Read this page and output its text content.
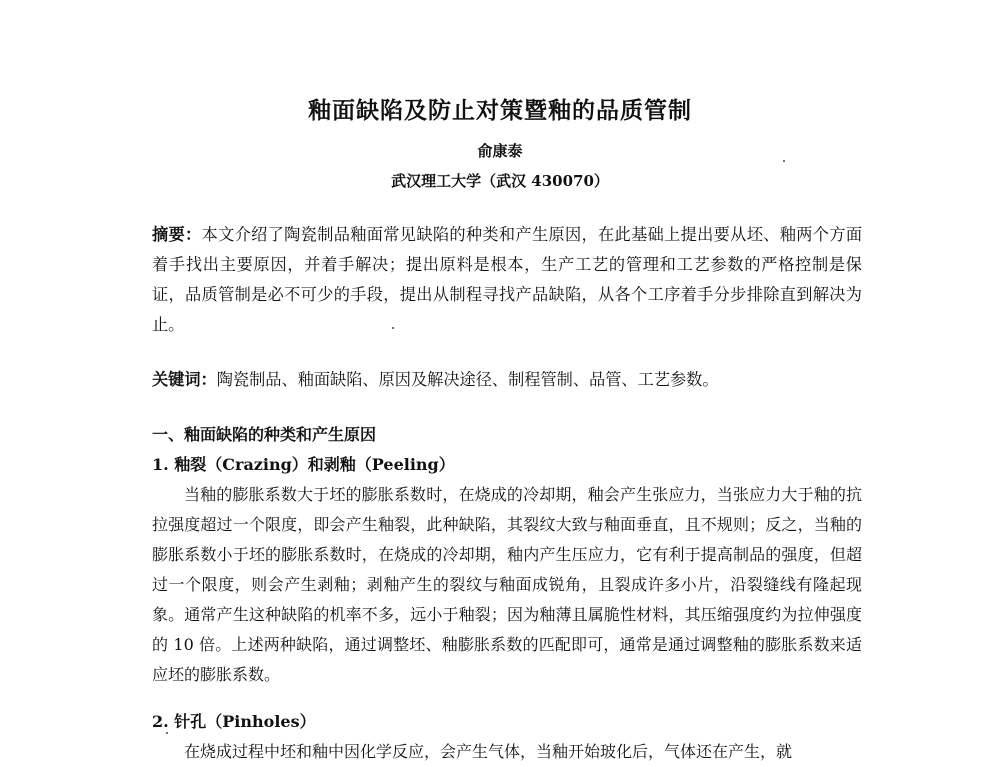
釉面缺陷及防止对策暨釉的品质管制
俞康泰
武汉理工大学（武汉 430070）

摘要：本文介绍了陶瓷制品釉面常见缺陷的种类和产生原因，在此基础上提出要从坯、釉两个方面着手找出主要原因，并着手解决；提出原料是根本，生产工艺的管理和工艺参数的严格控制是保证，品质管制是必不可少的手段，提出从制程寻找产品缺陷，从各个工序着手分步排除直到解决为止。

关键词：陶瓷制品、釉面缺陷、原因及解决途径、制程管制、品管、工艺参数。

一、釉面缺陷的种类和产生原因

1. 釉裂（Crazing）和剥釉（Peeling）

当釉的膨胀系数大于坯的膨胀系数时，在烧成的冷却期，釉会产生张应力，当张应力大于釉的抗拉强度超过一个限度，即会产生釉裂，此种缺陷，其裂纹大致与釉面垂直，且不规则；反之，当釉的膨胀系数小于坯的膨胀系数时，在烧成的冷却期，釉内产生压应力，它有利于提高制品的强度，但超过一个限度，则会产生剥釉；剥釉产生的裂纹与釉面成锐角，且裂成许多小片，沿裂缝线有隆起现象。通常产生这种缺陷的机率不多，远小于釉裂；因为釉薄且属脆性材料，其压缩强度约为拉伸强度的 10 倍。上述两种缺陷，通过调整坯、釉膨胀系数的匹配即可，通常是通过调整釉的膨胀系数来适应坯的膨胀系数。

2. 针孔（Pinholes）

在烧成过程中坯和釉中因化学反应，会产生气体，当釉开始玻化后，气体还在产生，就
